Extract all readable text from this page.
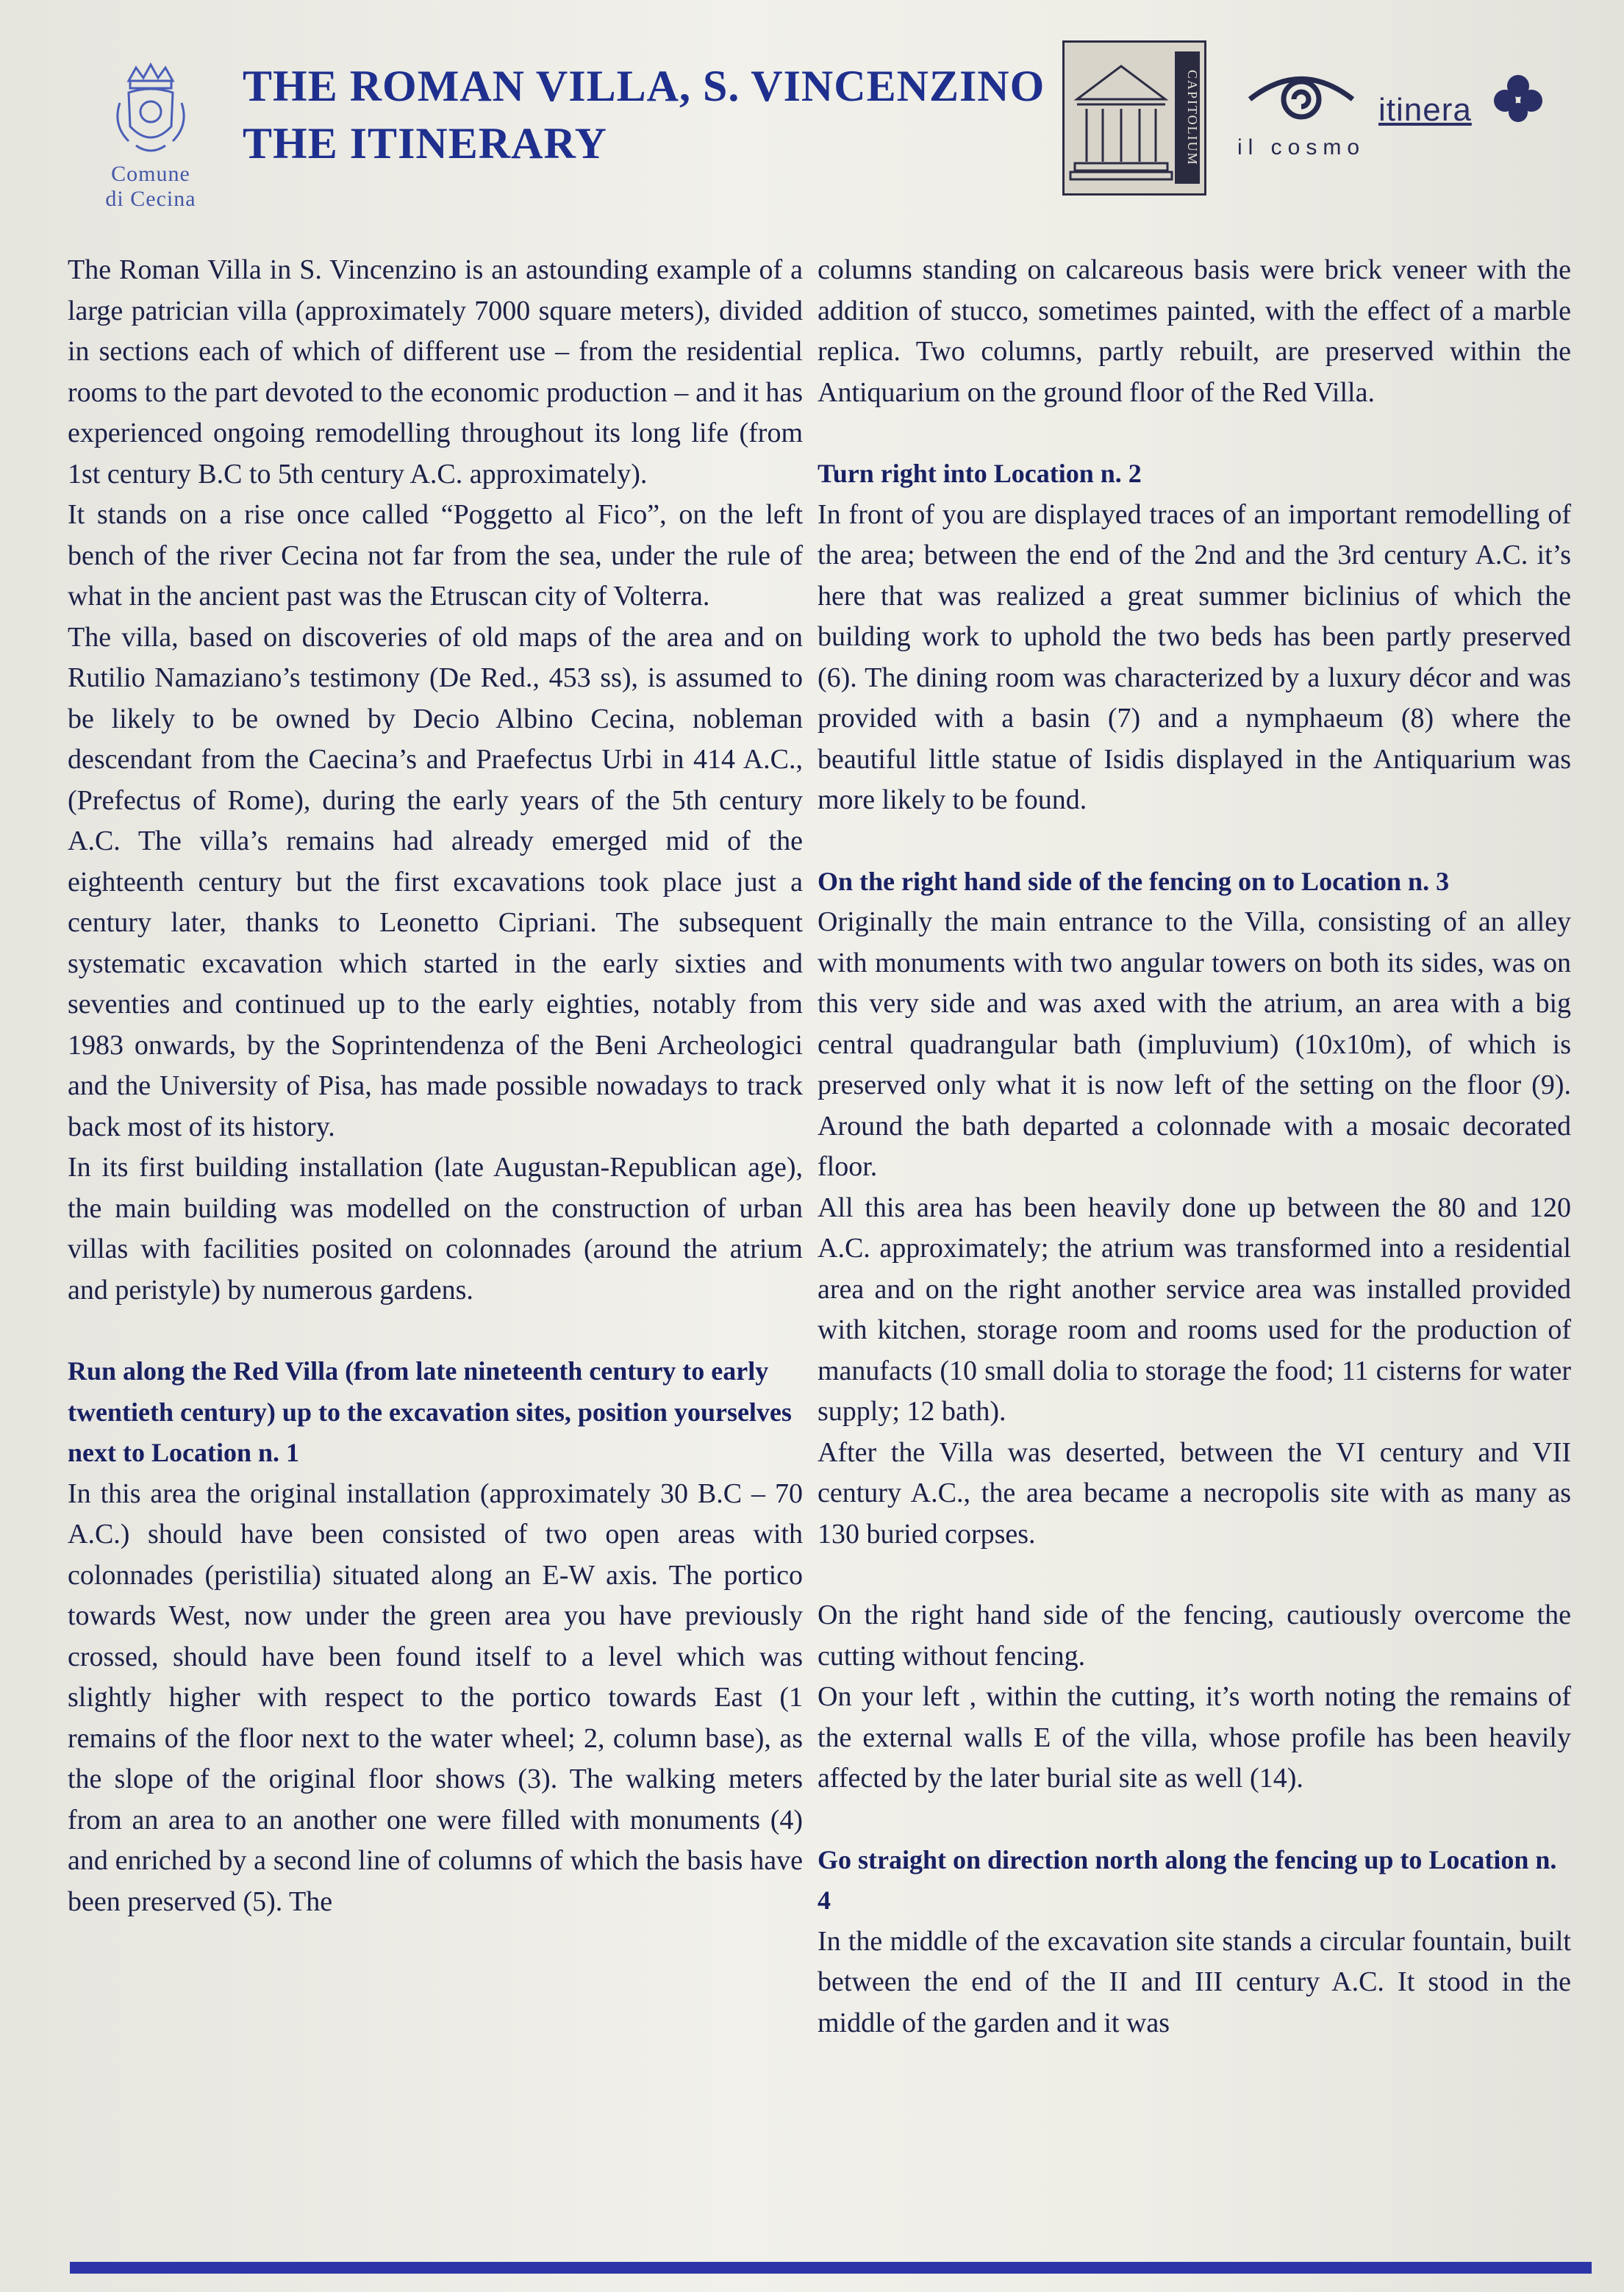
Comune
di Cecina
THE ROMAN VILLA, S. VINCENZINO
THE ITINERARY	CAPITOLIUM	il cosmo
itinera

The Roman Villa in S. Vincenzino is an astounding example of a large patrician villa (approximately 7000 square meters), divided in sections each of which of different use – from the residential rooms to the part devoted to the economic production – and it has experienced ongoing remodelling throughout its long life (from 1st century B.C to 5th century A.C. approximately).

It stands on a rise once called “Poggetto al Fico”, on the left bench of the river Cecina not far from the sea, under the rule of what in the ancient past was the Etruscan city of Volterra.

The villa, based on discoveries of old maps of the area and on Rutilio Namaziano’s testimony (De Red., 453 ss), is assumed to be likely to be owned by Decio Albino Cecina, nobleman descendant from the Caecina’s and Praefectus Urbi in 414 A.C., (Prefectus of Rome), during the early years of the 5th century A.C. The villa’s remains had already emerged mid of the eighteenth century but the first excavations took place just a century later, thanks to Leonetto Cipriani. The subsequent systematic excavation which started in the early sixties and seventies and continued up to the early eighties, notably from 1983 onwards, by the Soprintendenza of the Beni Archeologici and the University of Pisa, has made possible nowadays to track back most of its history.

In its first building installation (late Augustan-Republican age), the main building was modelled on the construction of urban villas with facilities posited on colonnades (around the atrium and peristyle) by numerous gardens.

Run along the Red Villa (from late nineteenth century to early twentieth century) up to the excavation sites, position yourselves next to Location n. 1

In this area the original installation (approximately 30 B.C – 70 A.C.) should have been consisted of two open areas with colonnades (peristilia) situated along an E-W axis. The portico towards West, now under the green area you have previously crossed, should have been found itself to a level which was slightly higher with respect to the portico towards East (1 remains of the floor next to the water wheel; 2, column base), as the slope of the original floor shows (3). The walking meters from an area to an another one were filled with monuments (4) and enriched by a second line of columns of which the basis have been preserved (5). The

columns standing on calcareous basis were brick veneer with the addition of stucco, sometimes painted, with the effect of a marble replica. Two columns, partly rebuilt, are preserved within the Antiquarium on the ground floor of the Red Villa.

Turn right into Location n. 2

In front of you are displayed traces of an important remodelling of the area; between the end of the 2nd and the 3rd century A.C. it’s here that was realized a great summer biclinius of which the building work to uphold the two beds has been partly preserved (6). The dining room was characterized by a luxury décor and was provided with a basin (7) and a nymphaeum (8) where the beautiful little statue of Isidis displayed in the Antiquarium was more likely to be found.

On the right hand side of the fencing on to Location n. 3

Originally the main entrance to the Villa, consisting of an alley with monuments with two angular towers on both its sides, was on this very side and was axed with the atrium, an area with a big central quadrangular bath (impluvium) (10x10m), of which is preserved only what it is now left of the setting on the floor (9). Around the bath departed a colonnade with a mosaic decorated floor.

All this area has been heavily done up between the 80 and 120 A.C. approximately; the atrium was transformed into a residential area and on the right another service area was installed provided with kitchen, storage room and rooms used for the production of manufacts (10 small dolia to storage the food; 11 cisterns for water supply; 12 bath).

After the Villa was deserted, between the VI century and VII century A.C., the area became a necropolis site with as many as 130 buried corpses.

On the right hand side of the fencing, cautiously overcome the cutting without fencing.

On your left , within the cutting, it’s worth noting the remains of the external walls E of the villa, whose profile has been heavily affected by the later burial site as well (14).

Go straight on direction north along the fencing up to Location n. 4

In the middle of the excavation site stands a circular fountain, built between the end of the II and III century A.C. It stood in the middle of the garden and it was
